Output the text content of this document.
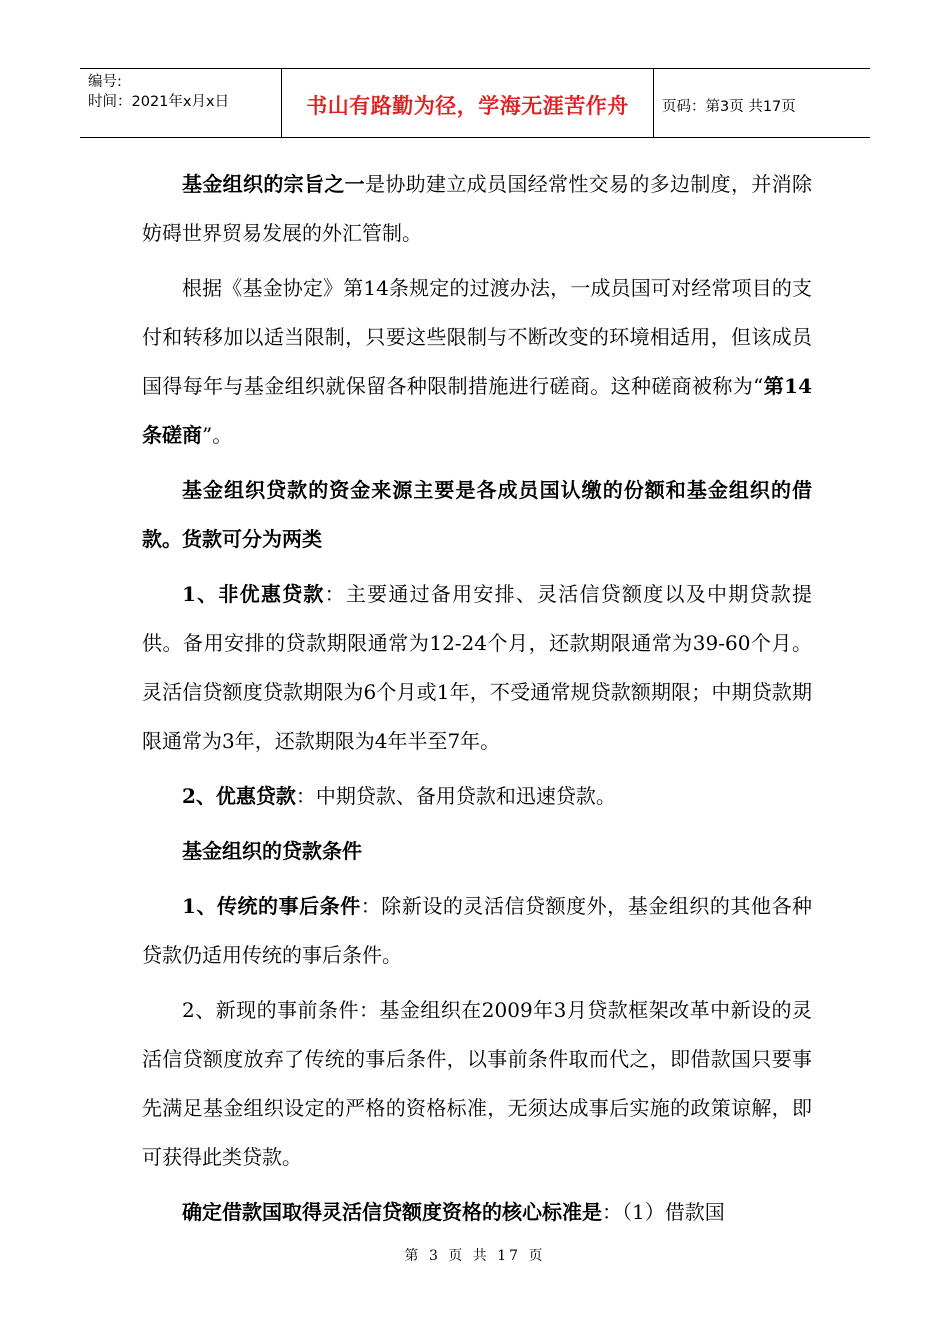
编号:
时间：2021年x月x日	书山有路勤为径，学海无涯苦作舟	页码：第3页 共17页

基金组织的宗旨之一是协助建立成员国经常性交易的多边制度，并消除妨碍世界贸易发展的外汇管制。

根据《基金协定》第14条规定的过渡办法，一成员国可对经常项目的支付和转移加以适当限制，只要这些限制与不断改变的环境相适用，但该成员国得每年与基金组织就保留各种限制措施进行磋商。这种磋商被称为“第14条磋商”。

基金组织贷款的资金来源主要是各成员国认缴的份额和基金组织的借款。货款可分为两类

1、非优惠贷款：主要通过备用安排、灵活信贷额度以及中期贷款提供。备用安排的贷款期限通常为12-24个月，还款期限通常为39-60个月。灵活信贷额度贷款期限为6个月或1年，不受通常规贷款额期限；中期贷款期限通常为3年，还款期限为4年半至7年。

2、优惠贷款：中期贷款、备用贷款和迅速贷款。

基金组织的贷款条件

1、传统的事后条件：除新设的灵活信贷额度外，基金组织的其他各种贷款仍适用传统的事后条件。

2、新现的事前条件：基金组织在2009年3月贷款框架改革中新设的灵活信贷额度放弃了传统的事后条件，以事前条件取而代之，即借款国只要事先满足基金组织设定的严格的资格标准，无须达成事后实施的政策谅解，即可获得此类贷款。

确定借款国取得灵活信贷额度资格的核心标准是：（1）借款国

第 3 页 共 17 页
